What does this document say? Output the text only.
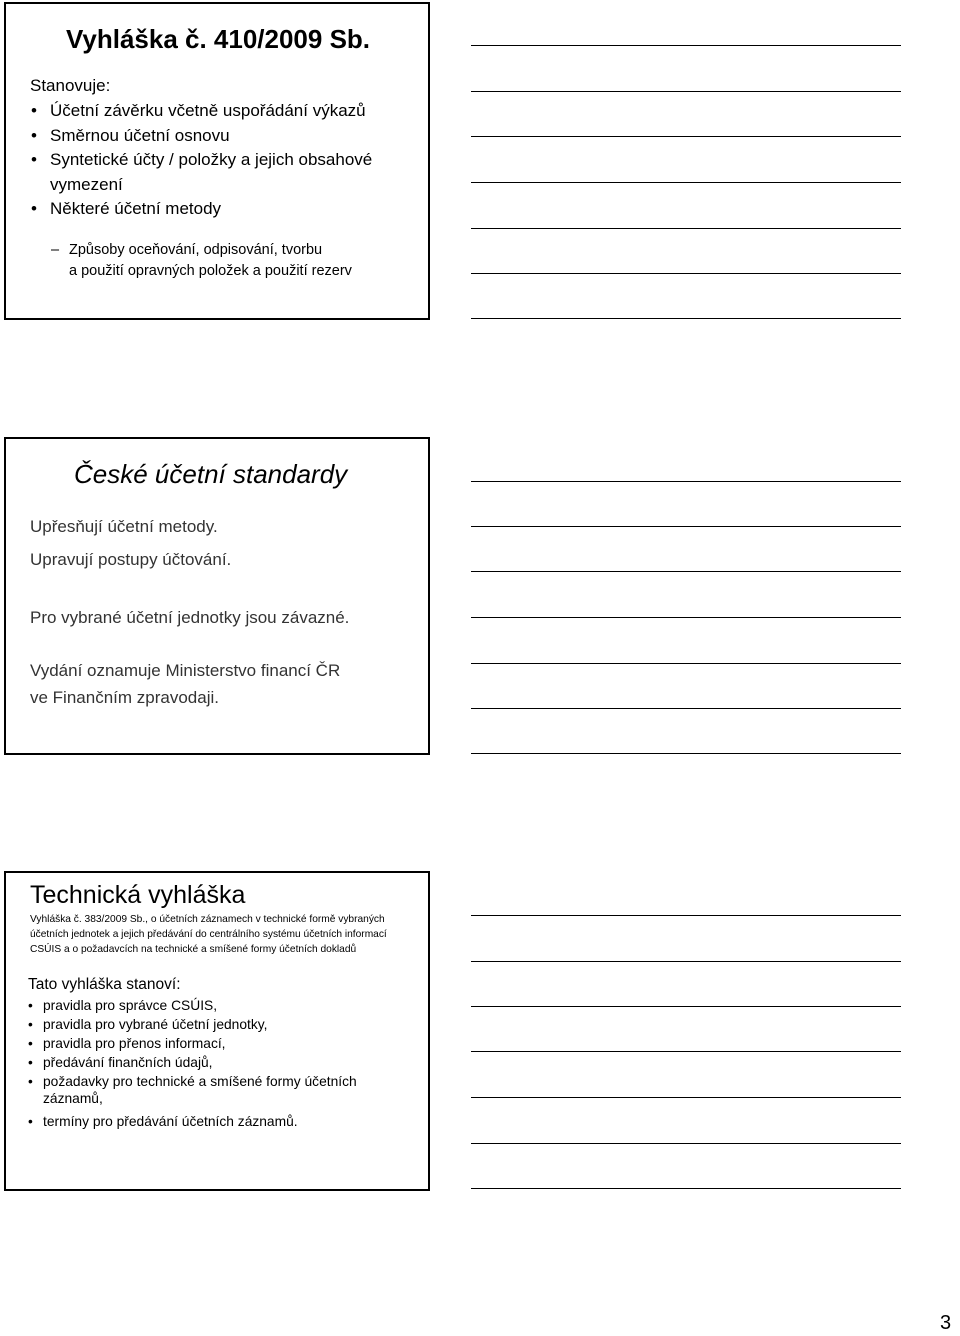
Vyhláška č. 410/2009 Sb.
Stanovuje:
• Účetní závěrku včetně uspořádání výkazů
• Směrnou účetní osnovu
• Syntetické účty / položky a jejich obsahové vymezení
• Některé účetní metody
– Způsoby oceňování, odpisování, tvorbu
a použití opravných položek a použití rezerv
České účetní standardy
Upřesňují účetní metody.
Upravují postupy účtování.
Pro vybrané účetní jednotky jsou závazné.
Vydání oznamuje Ministerstvo financí ČR
ve Finančním zpravodaji.
Technická vyhláška
Vyhláška č. 383/2009 Sb., o účetních záznamech v technické formě vybraných účetních jednotek a jejich předávání do centrálního systému účetních informací CSÚIS a o požadavcích na technické a smíšené formy účetních dokladů
Tato vyhláška stanoví:
• pravidla pro správce CSÚIS,
• pravidla pro vybrané účetní jednotky,
• pravidla pro přenos informací,
• předávání finančních údajů,
• požadavky pro technické a smíšené formy účetních záznamů,
• termíny pro předávání účetních záznamů.
3
